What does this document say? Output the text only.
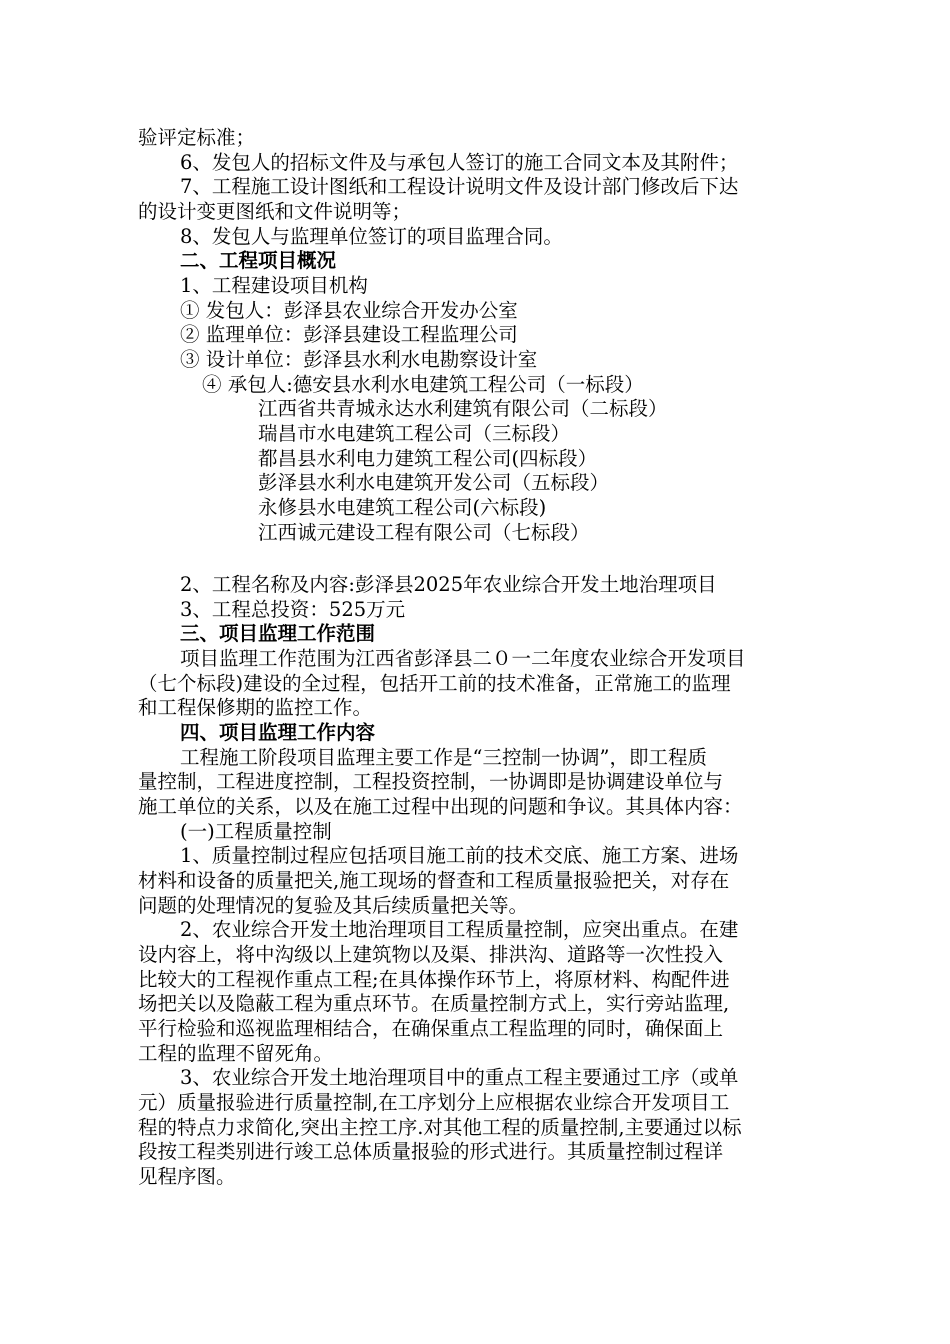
验评定标准；
6、发包人的招标文件及与承包人签订的施工合同文本及其附件；
7、工程施工设计图纸和工程设计说明文件及设计部门修改后下达
的设计变更图纸和文件说明等；
8、发包人与监理单位签订的项目监理合同。
二、工程项目概况
1、工程建设项目机构
① 发包人：彭泽县农业综合开发办公室
② 监理单位：彭泽县建设工程监理公司
③ 设计单位：彭泽县水利水电勘察设计室
④ 承包人:德安县水利水电建筑工程公司（一标段）
江西省共青城永达水利建筑有限公司（二标段）
瑞昌市水电建筑工程公司（三标段）
都昌县水利电力建筑工程公司(四标段）
彭泽县水利水电建筑开发公司（五标段）
永修县水电建筑工程公司(六标段)
江西诚元建设工程有限公司（七标段）
2、工程名称及内容:彭泽县2025年农业综合开发土地治理项目
3、工程总投资：525万元
三、项目监理工作范围
项目监理工作范围为江西省彭泽县二０一二年度农业综合开发项目
（七个标段)建设的全过程，包括开工前的技术准备，正常施工的监理
和工程保修期的监控工作。
四、项目监理工作内容
工程施工阶段项目监理主要工作是“三控制一协调”，即工程质
量控制，工程进度控制，工程投资控制，一协调即是协调建设单位与
施工单位的关系，以及在施工过程中出现的问题和争议。其具体内容：
(一)工程质量控制
1、质量控制过程应包括项目施工前的技术交底、施工方案、进场
材料和设备的质量把关,施工现场的督查和工程质量报验把关，对存在
问题的处理情况的复验及其后续质量把关等。
2、农业综合开发土地治理项目工程质量控制，应突出重点。在建
设内容上，将中沟级以上建筑物以及渠、排洪沟、道路等一次性投入
比较大的工程视作重点工程;在具体操作环节上，将原材料、构配件进
场把关以及隐蔽工程为重点环节。在质量控制方式上，实行旁站监理,
平行检验和巡视监理相结合，在确保重点工程监理的同时，确保面上
工程的监理不留死角。
3、农业综合开发土地治理项目中的重点工程主要通过工序（或单
元）质量报验进行质量控制,在工序划分上应根据农业综合开发项目工
程的特点力求简化,突出主控工序.对其他工程的质量控制,主要通过以标
段按工程类别进行竣工总体质量报验的形式进行。其质量控制过程详
见程序图。
